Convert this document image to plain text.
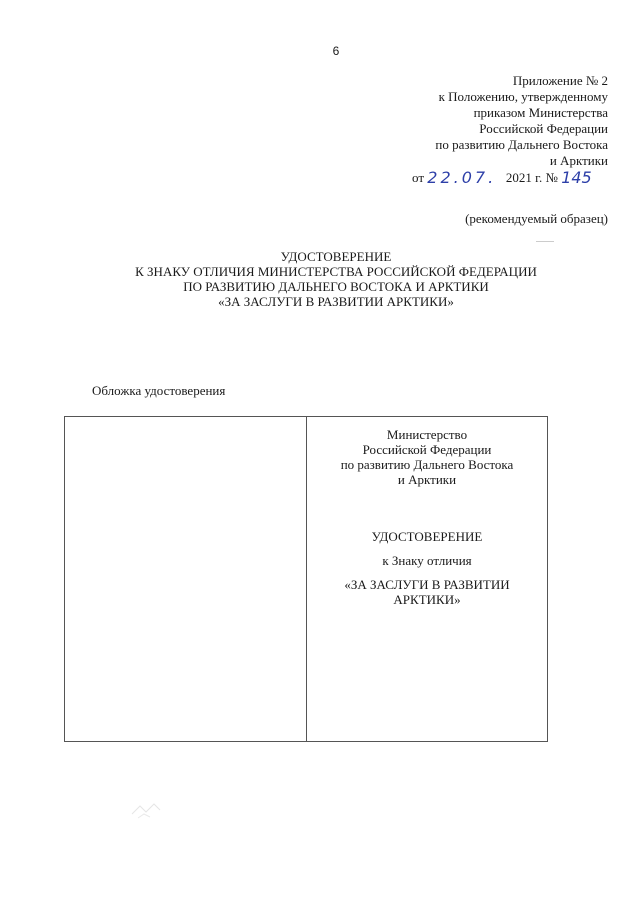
6
Приложение № 2
к Положению, утвержденному
приказом Министерства
Российской Федерации
по развитию Дальнего Востока
и Арктики
от 22.07. 2021 г. № 145
(рекомендуемый образец)
УДОСТОВЕРЕНИЕ
К ЗНАКУ ОТЛИЧИЯ МИНИСТЕРСТВА РОССИЙСКОЙ ФЕДЕРАЦИИ
ПО РАЗВИТИЮ ДАЛЬНЕГО ВОСТОКА И АРКТИКИ
«ЗА ЗАСЛУГИ В РАЗВИТИИ АРКТИКИ»
Обложка удостоверения
Министерство
Российской Федерации
по развитию Дальнего Востока
и Арктики
УДОСТОВЕРЕНИЕ
к Знаку отличия
«ЗА ЗАСЛУГИ В РАЗВИТИИ
АРКТИКИ»
